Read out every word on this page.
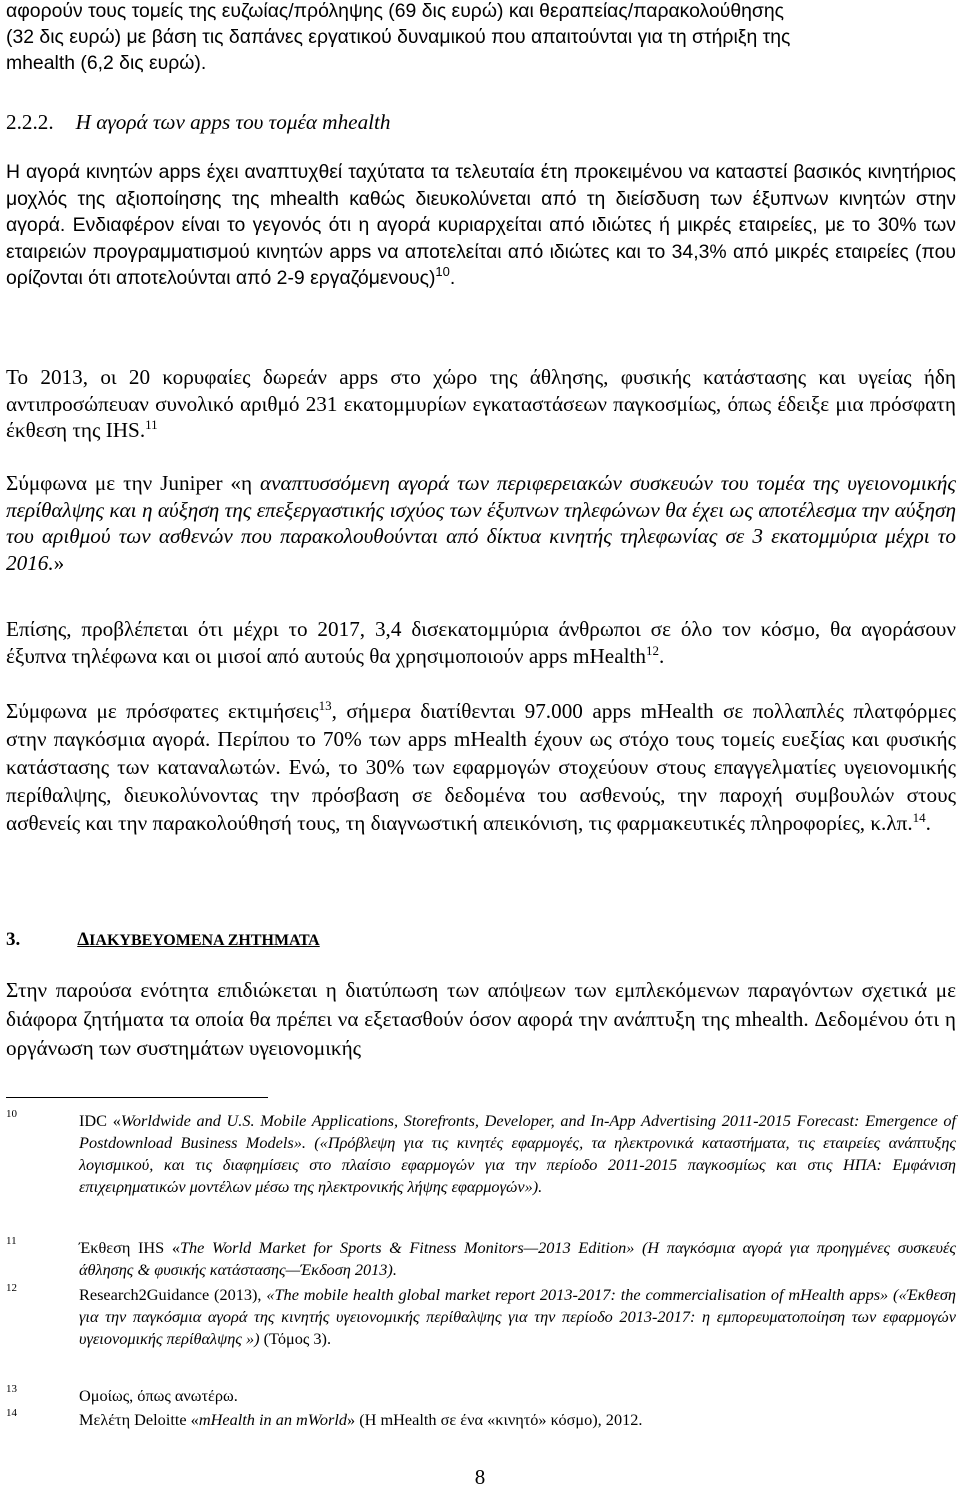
αφορούν τους τομείς της ευζωίας/πρόληψης (69 δις ευρώ) και θεραπείας/παρακολούθησης
(32 δις ευρώ) με βάση τις δαπάνες εργατικού δυναμικού που απαιτούνται για τη στήριξη της
mhealth (6,2 δις ευρώ).

2.2.2. Η αγορά των apps του τομέα mhealth

Η αγορά κινητών apps έχει αναπτυχθεί ταχύτατα τα τελευταία έτη προκειμένου να καταστεί βασικός κινητήριος μοχλός της αξιοποίησης της mhealth καθώς διευκολύνεται από τη διείσδυση των έξυπνων κινητών στην αγορά. Ενδιαφέρον είναι το γεγονός ότι η αγορά κυριαρχείται από ιδιώτες ή μικρές εταιρείες, με το 30% των εταιρειών προγραμματισμού κινητών apps να αποτελείται από ιδιώτες και το 34,3% από μικρές εταιρείες (που ορίζονται ότι αποτελούνται από 2-9 εργαζόμενους)$^{10}$.

Το 2013, οι 20 κορυφαίες δωρεάν apps στο χώρο της άθλησης, φυσικής κατάστασης και υγείας ήδη αντιπροσώπευαν συνολικό αριθμό 231 εκατομμυρίων εγκαταστάσεων παγκοσμίως, όπως έδειξε μια πρόσφατη έκθεση της IHS.$^{11}$

Σύμφωνα με την Juniper «η αναπτυσσόμενη αγορά των περιφερειακών συσκευών του τομέα της υγειονομικής περίθαλψης και η αύξηση της επεξεργαστικής ισχύος των έξυπνων τηλεφώνων θα έχει ως αποτέλεσμα την αύξηση του αριθμού των ασθενών που παρακολουθούνται από δίκτυα κινητής τηλεφωνίας σε 3 εκατομμύρια μέχρι το 2016.»

Επίσης, προβλέπεται ότι μέχρι το 2017, 3,4 δισεκατομμύρια άνθρωποι σε όλο τον κόσμο, θα αγοράσουν έξυπνα τηλέφωνα και οι μισοί από αυτούς θα χρησιμοποιούν apps mHealth$^{12}$.

Σύμφωνα με πρόσφατες εκτιμήσεις$^{13}$, σήμερα διατίθενται 97.000 apps mHealth σε πολλαπλές πλατφόρμες στην παγκόσμια αγορά. Περίπου το 70% των apps mHealth έχουν ως στόχο τους τομείς ευεξίας και φυσικής κατάστασης των καταναλωτών. Ενώ, το 30% των εφαρμογών στοχεύουν στους επαγγελματίες υγειονομικής περίθαλψης, διευκολύνοντας την πρόσβαση σε δεδομένα του ασθενούς, την παροχή συμβουλών στους ασθενείς και την παρακολούθησή τους, τη διαγνωστική απεικόνιση, τις φαρμακευτικές πληροφορίες, κ.λπ.$^{14}$.

3.	ΔΙΑΚΥΒΕΥΟΜΕΝΑ ΖΗΤΗΜΑΤΑ

Στην παρούσα ενότητα επιδιώκεται η διατύπωση των απόψεων των εμπλεκόμενων παραγόντων σχετικά με διάφορα ζητήματα τα οποία θα πρέπει να εξετασθούν όσον αφορά την ανάπτυξη της mhealth. Δεδομένου ότι η οργάνωση των συστημάτων υγειονομικής

10	IDC «Worldwide and U.S. Mobile Applications, Storefronts, Developer, and In-App Advertising 2011-2015 Forecast: Emergence of Postdownload Business Models». («Πρόβλεψη για τις κινητές εφαρμογές, τα ηλεκτρονικά καταστήματα, τις εταιρείες ανάπτυξης λογισμικού, και τις διαφημίσεις στο πλαίσιο εφαρμογών για την περίοδο 2011-2015 παγκοσμίως και στις ΗΠΑ: Εμφάνιση επιχειρηματικών μοντέλων μέσω της ηλεκτρονικής λήψης εφαρμογών»).
11	Έκθεση IHS «The World Market for Sports & Fitness Monitors—2013 Edition» (Η παγκόσμια αγορά για προηγμένες συσκευές άθλησης & φυσικής κατάστασης—Έκδοση 2013).
12	Research2Guidance (2013), «The mobile health global market report 2013-2017: the commercialisation of mHealth apps» («Έκθεση για την παγκόσμια αγορά της κινητής υγειονομικής περίθαλψης για την περίοδο 2013-2017: η εμπορευματοποίηση των εφαρμογών υγειονομικής περίθαλψης ») (Τόμος 3).
13	Ομοίως, όπως ανωτέρω.
14	Μελέτη Deloitte «mHealth in an mWorld» (Η mHealth σε ένα «κινητό» κόσμο), 2012.
8
